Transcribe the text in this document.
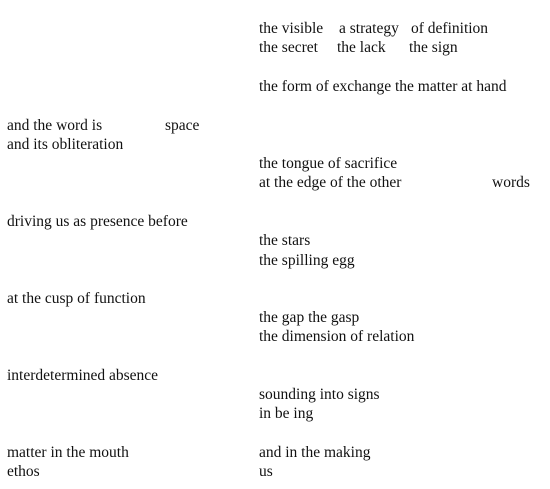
the visible a strategy of definition
the secret the lack the sign

the form of exchange the matter at hand

and the word is	space

and its obliteration

the tongue of sacrifice

at the edge of the other	words

driving us as presence before

the stars

the spilling egg

at the cusp of function

the gap the gasp

the dimension of relation

interdetermined absence

sounding into signs

in be ing

matter in the mouth	and in the making

ethos	us
